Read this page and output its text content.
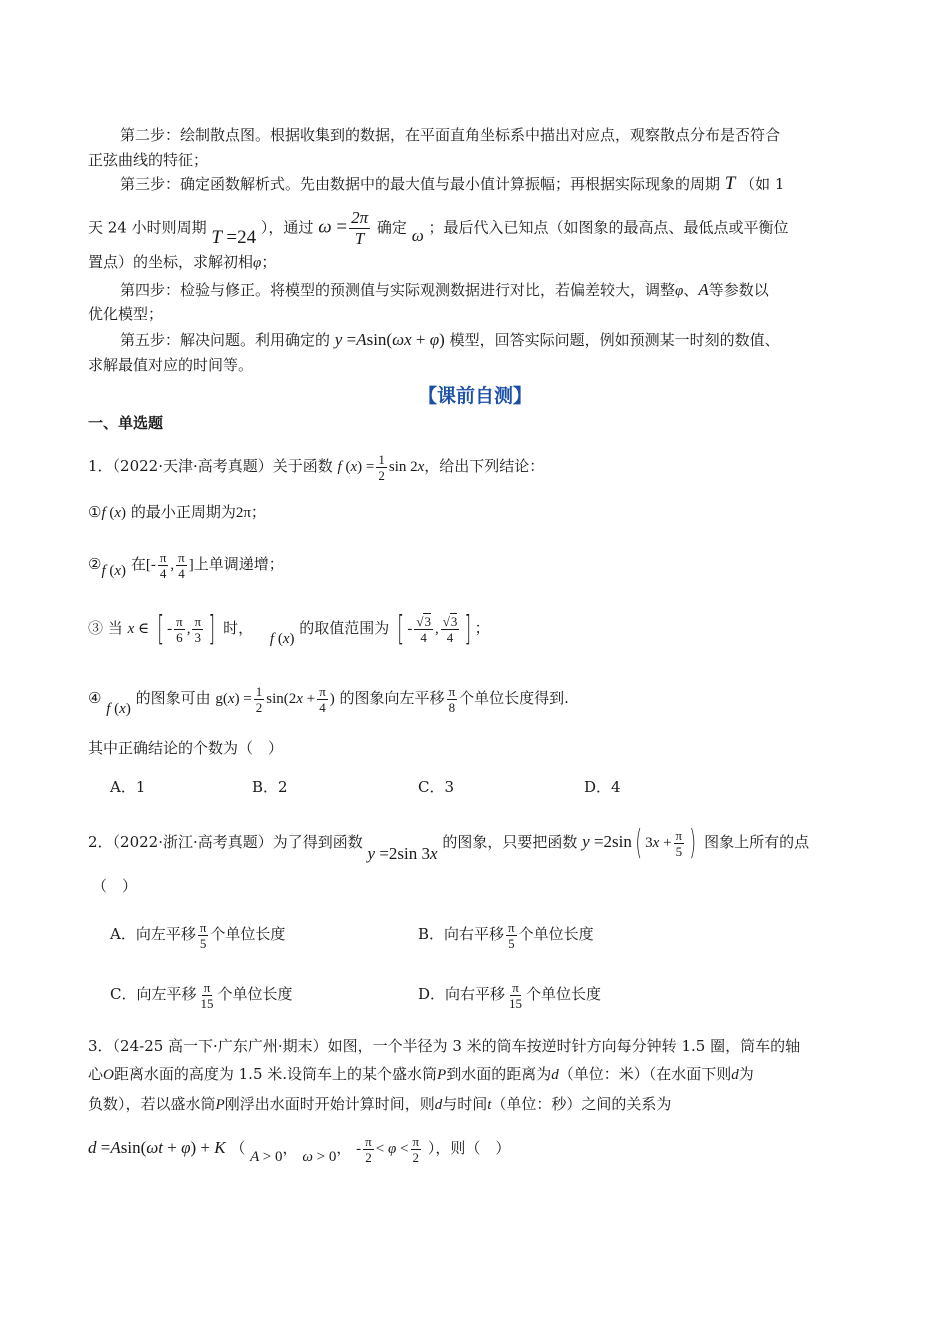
第二步：绘制散点图。根据收集到的数据，在平面直角坐标系中描出对应点，观察散点分布是否符合
正弦曲线的特征；
第三步：确定函数解析式。先由数据中的最大值与最小值计算振幅；再根据实际现象的周期 T （如 1
天 24 小时则周期 T =24 ），通过 $\omega = \frac{2\pi}{T}$ 确定 ω ；最后代入已知点（如图象的最高点、最低点或平衡位
置点）的坐标，求解初相φ；
第四步：检验与修正。将模型的预测值与实际观测数据进行对比，若偏差较大，调整φ、A等参数以
优化模型；
第五步：解决问题。利用确定的 y =Asin(ωx + φ) 模型，回答实际问题，例如预测某一时刻的数值、
求解最值对应的时间等。
【课前自测】
一、单选题
1．（2022·天津·高考真题）关于函数 f $(x) = \frac{1}{2}$ sin 2x，给出下列结论：
①f (x) 的最小正周期为2π；
②f (x) 在[- $\frac{\pi}{4}$ , $\frac{\pi}{4}$ ]上单调递增；
③ 当 x ∈ [ - $\frac{\pi}{6}$ , $\frac{\pi}{3}$ ] 时， f (x) 的取值范围为 [ - $\frac{√3}{4}$ , $\frac{√3}{4}$ ] ；
④ f (x) 的图象可由 $g(x) = \frac{1}{2} \sin(2x + \frac{\pi}{4}$ ) 的图象向左平移 $\frac{\pi}{8}$ 个单位长度得到.
其中正确结论的个数为（　）
A．1	B．2	C．3	D．4
2．（2022·浙江·高考真题）为了得到函数 y =2sin 3x 的图象，只要把函数 y =2sin( $3x + \frac{\pi}{5}$ ) 图象上所有的点
（　）
A．向左平移 $\frac{\pi}{5}$ 个单位长度	B．向右平移 $\frac{\pi}{5}$ 个单位长度
C．向左平移 $\frac{\pi}{15}$ 个单位长度	D．向右平移 $\frac{\pi}{15}$ 个单位长度
3．（24-25 高一下·广东广州·期末）如图，一个半径为 3 米的筒车按逆时针方向每分钟转 1.5 圈，筒车的轴
心O距离水面的高度为 1.5 米.设筒车上的某个盛水筒P到水面的距离为d（单位：米）（在水面下则d为
负数），若以盛水筒P刚浮出水面时开始计算时间，则d与时间t（单位：秒）之间的关系为
d =Asin(ωt + φ) + K （ A > 0， ω > 0， - $\frac{\pi}{2} < \varphi < \frac{\pi}{2}$ ），则（　）
